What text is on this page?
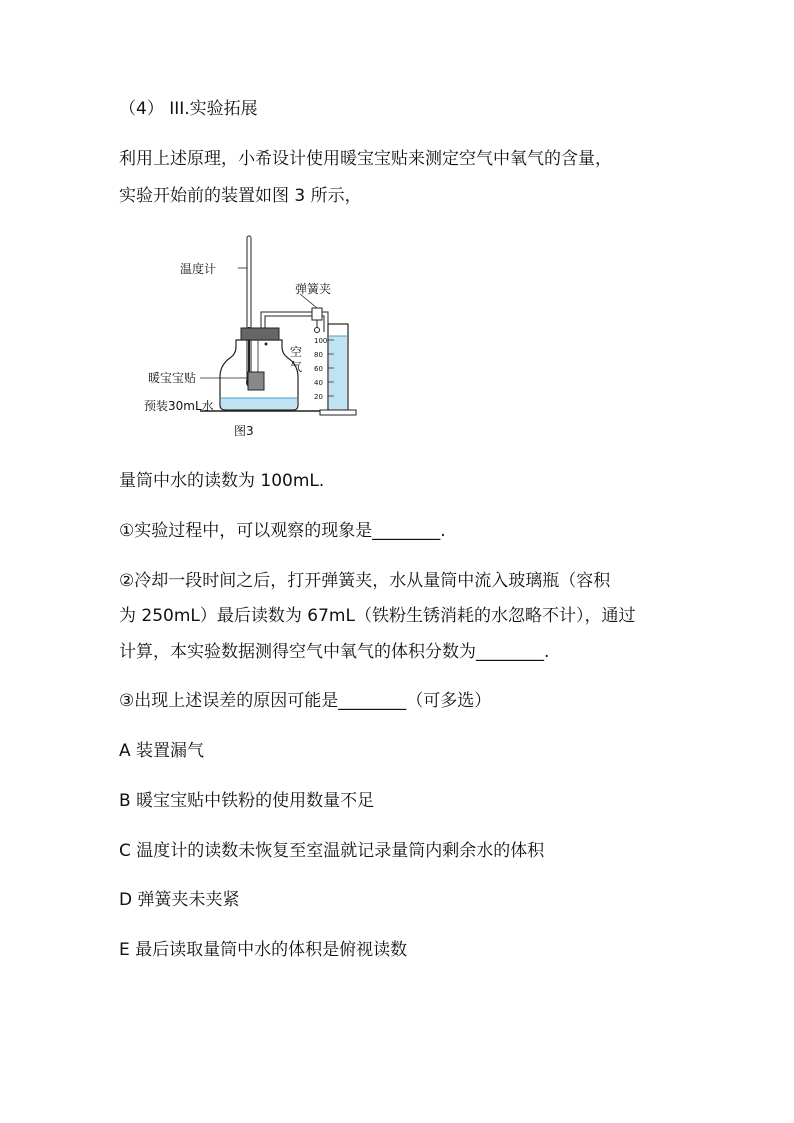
（4） III.实验拓展
利用上述原理，小希设计使用暖宝宝贴来测定空气中氧气的含量，
实验开始前的装置如图 3 所示，
100
80
60
40
20
温度计
弹簧夹
空
气
暖宝宝贴
预装30mL水
图3
量筒中水的读数为 100mL.
①实验过程中，可以观察的现象是________.
②冷却一段时间之后，打开弹簧夹，水从量筒中流入玻璃瓶（容积
为 250mL）最后读数为 67mL（铁粉生锈消耗的水忽略不计），通过
计算，本实验数据测得空气中氧气的体积分数为________.
③出现上述误差的原因可能是________（可多选）
A 装置漏气
B 暖宝宝贴中铁粉的使用数量不足
C 温度计的读数未恢复至室温就记录量筒内剩余水的体积
D 弹簧夹未夹紧
E 最后读取量筒中水的体积是俯视读数
